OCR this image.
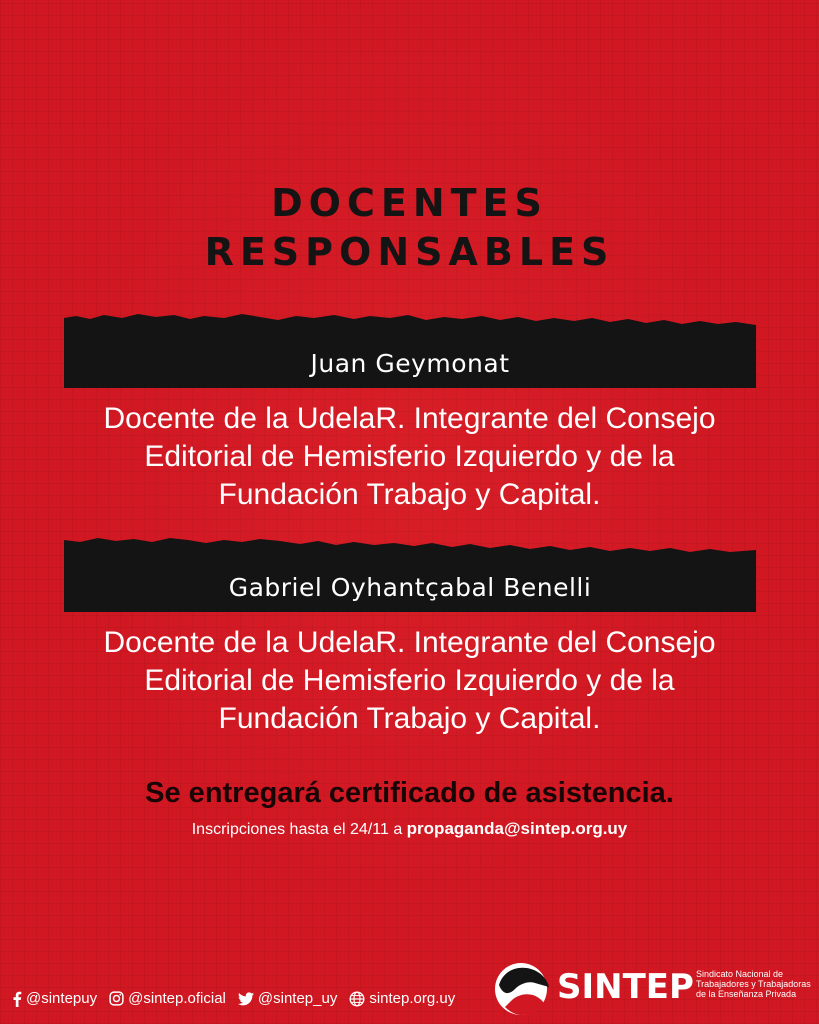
DOCENTES
RESPONSABLES
Juan Geymonat

Docente de la UdelaR. Integrante del Consejo

Editorial de Hemisferio Izquierdo y de la

Fundación Trabajo y Capital.

Gabriel Oyhantçabal Benelli

Docente de la UdelaR. Integrante del Consejo

Editorial de Hemisferio Izquierdo y de la

Fundación Trabajo y Capital.

Se entregará certificado de asistencia.
Inscripciones hasta el 24/11 a propaganda@sintep.org.uy
@sintepuy @sintep.oficial @sintep_uy sintep.org.uy	SINTEP Sindicato Nacional de
Trabajadores y Trabajadoras
de la Enseñanza Privada
